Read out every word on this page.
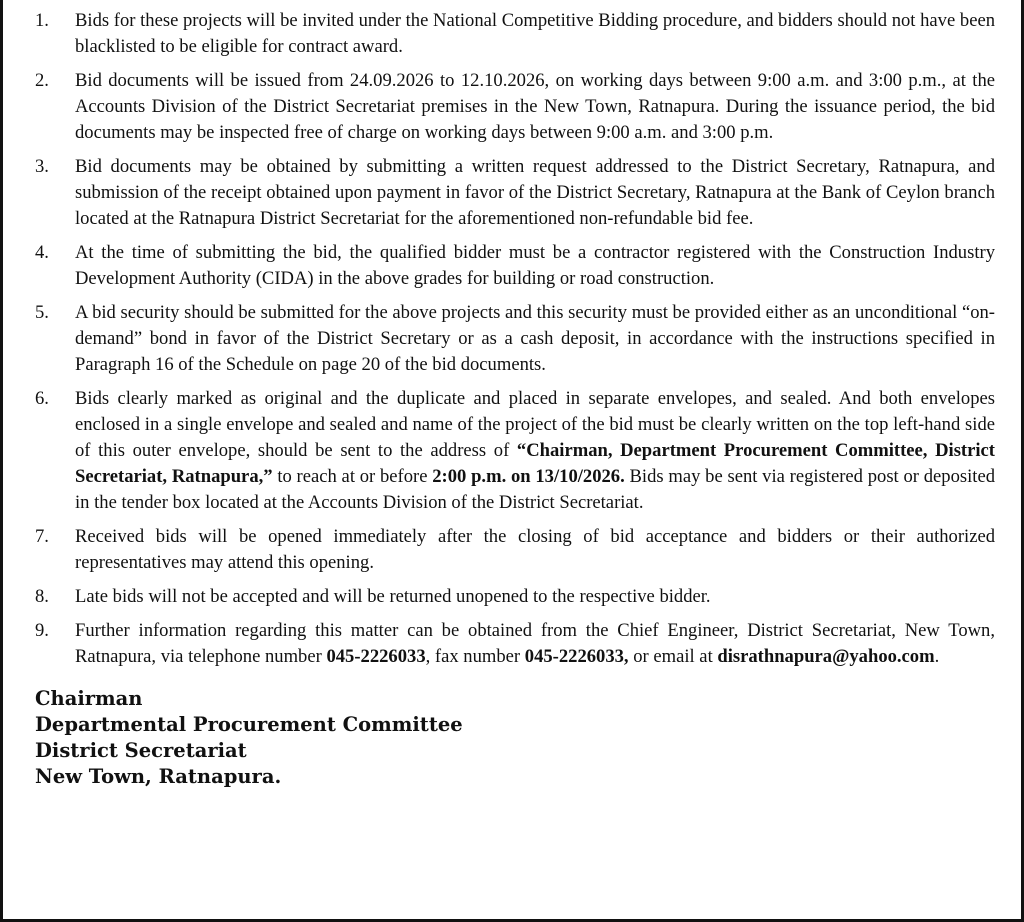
1.	Bids for these projects will be invited under the National Competitive Bidding procedure, and bidders should not have been blacklisted to be eligible for contract award.
2.	Bid documents will be issued from 24.09.2026 to 12.10.2026, on working days between 9:00 a.m. and 3:00 p.m., at the Accounts Division of the District Secretariat premises in the New Town, Ratnapura. During the issuance period, the bid documents may be inspected free of charge on working days between 9:00 a.m. and 3:00 p.m.
3.	Bid documents may be obtained by submitting a written request addressed to the District Secretary, Ratnapura, and submission of the receipt obtained upon payment in favor of the District Secretary, Ratnapura at the Bank of Ceylon branch located at the Ratnapura District Secretariat for the aforementioned non-refundable bid fee.
4.	At the time of submitting the bid, the qualified bidder must be a contractor registered with the Construction Industry Development Authority (CIDA) in the above grades for building or road construction.
5.	A bid security should be submitted for the above projects and this security must be provided either as an unconditional “on-demand” bond in favor of the District Secretary or as a cash deposit, in accordance with the instructions specified in Paragraph 16 of the Schedule on page 20 of the bid documents.
6.	Bids clearly marked as original and the duplicate and placed in separate envelopes, and sealed. And both envelopes enclosed in a single envelope and sealed and name of the project of the bid must be clearly written on the top left-hand side of this outer envelope, should be sent to the address of “Chairman, Department Procurement Committee, District Secretariat, Ratnapura,” to reach at or before 2:00 p.m. on 13/10/2026. Bids may be sent via registered post or deposited in the tender box located at the Accounts Division of the District Secretariat.
7.	Received bids will be opened immediately after the closing of bid acceptance and bidders or their authorized representatives may attend this opening.
8.	Late bids will not be accepted and will be returned unopened to the respective bidder.
9.	Further information regarding this matter can be obtained from the Chief Engineer, District Secretariat, New Town, Ratnapura, via telephone number 045-2226033, fax number 045-2226033, or email at disrathnapura@yahoo.com.
Chairman
Departmental Procurement Committee
District Secretariat
New Town, Ratnapura.
